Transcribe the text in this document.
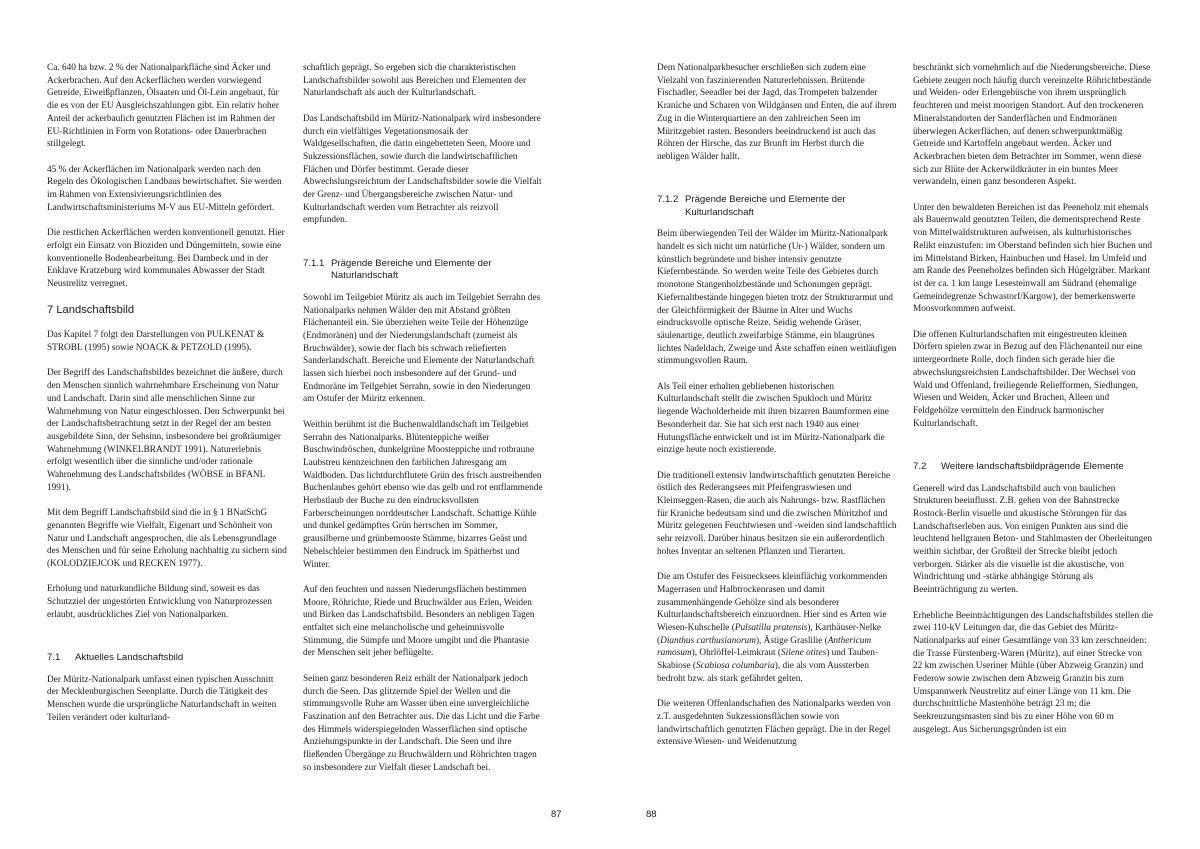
Ca. 640 ha bzw. 2 % der Nationalparkfläche sind Äcker und Ackerbrachen. Auf den Ackerflächen werden vorwiegend Getreide, Eiweißpflanzen, Ölsaaten und Öl-Lein angebaut, für die es von der EU Ausgleichszahlungen gibt. Ein relativ hoher Anteil der ackerbaulich genutzten Flächen ist im Rahmen der EU-Richtlinien in Form von Rotations- oder Dauerbrachen stillgelegt.

45 % der Ackerflächen im Nationalpark werden nach den Regeln des Ökologischen Landbaus bewirtschaftet. Sie werden im Rahmen von Extensivierungsrichtlinien des Landwirtschaftsministeriums M-V aus EU-Mitteln gefördert.

Die restlichen Ackerflächen werden konventionell genutzt. Hier erfolgt ein Einsatz von Bioziden und Düngemitteln, sowie eine konventionelle Bodenbearbeitung. Bei Dambeck und in der Enklave Kratzeburg wird kommunales Abwasser der Stadt Neustrelitz verregnet.

7 Landschaftsbild

Das Kapitel 7 folgt den Darstellungen von PULKENAT & STROBL (1995) sowie NOACK & PETZOLD (1995).

Der Begriff des Landschaftsbildes bezeichnet die äußere, durch den Menschen sinnlich wahrnehmbare Erscheinung von Natur und Landschaft. Darin sind alle menschlichen Sinne zur Wahrnehmung von Natur eingeschlossen. Den Schwerpunkt bei der Landschaftsbetrachtung setzt in der Regel der am besten ausgebildete Sinn, der Sehsinn, insbesondere bei großräumiger Wahrnehmung (WINKELBRANDT 1991). Naturerlebnis erfolgt wesentlich über die sinnliche und/oder rationale Wahrnehmung des Landschaftsbildes (WÖBSE in BFANL 1991).

Mit dem Begriff Landschaftsbild sind die in § 1 BNatSchG genannten Begriffe wie Vielfalt, Eigenart und Schönheit von Natur und Landschaft angesprochen, die als Lebensgrundlage des Menschen und für seine Erholung nachhaltig zu sichern sind (KOLODZIEJCOK und RECKEN 1977).

Erholung und naturkundliche Bildung sind, soweit es das Schutzziel der ungestörten Entwicklung von Naturprozessen erlaubt, ausdrückliches Ziel von Nationalparken.

7.1 Aktuelles Landschaftsbild

Der Müritz-Nationalpark umfasst einen typischen Ausschnitt der Mecklenburgischen Seenplatte. Durch die Tätigkeit des Menschen wurde die ursprüngliche Naturlandschaft in weiten Teilen verändert oder kulturland-

schaftlich geprägt. So ergeben sich die charakteristischen Landschaftsbilder sowohl aus Bereichen und Elementen der Naturlandschaft als auch der Kulturlandschaft.

Das Landschaftsbild im Müritz-Nationalpark wird insbesondere durch ein vielfältiges Vegetationsmosaik der Waldgesellschaften, die darin eingebetteten Seen, Moore und Sukzessionsflächen, sowie durch die landwirtschaftlichen Flächen und Dörfer bestimmt. Gerade dieser Abwechslungsreichtum der Landschaftsbilder sowie die Vielfalt der Grenz- und Übergangsbereiche zwischen Natur- und Kulturlandschaft werden vom Betrachter als reizvoll empfunden.

7.1.1 Prägende Bereiche und Elemente der
Naturlandschaft

Sowohl im Teilgebiet Müritz als auch im Teilgebiet Serrahn des Nationalparks nehmen Wälder den mit Abstand größten Flächenanteil ein. Sie überziehen weite Teile der Höhenzüge (Endmoränen) und der Niederungslandschaft (zumeist als Bruchwälder), sowie der flach bis schwach reliefierten Sanderlandschaft. Bereiche und Elemente der Naturlandschaft lassen sich hierbei noch insbesondere auf der Grund- und Endmoräne im Teilgebiet Serrahn, sowie in den Niederungen am Ostufer der Müritz erkennen.

Weithin berühmt ist die Buchenwaldlandschaft im Teilgebiet Serrahn des Nationalparks. Blütenteppiche weißer Buschwindröschen, dunkelgrüne Moosteppiche und rotbraune Laubstreu kennzeichnen den farblichen Jahresgang am Waldboden. Das lichtdurchflutete Grün des frisch austreibenden Buchenlaubes gehört ebenso wie das gelb und rot entflammende Herbstlaub der Buche zu den eindrucksvollsten Farberscheinungen norddeutscher Landschaft. Schattige Kühle und dunkel gedämpftes Grün herrschen im Sommer, grausilberne und grünbemooste Stämme, bizarres Geäst und Nebelschleier bestimmen den Eindruck im Spätherbst und Winter.

Auf den feuchten und nassen Niederungsflächen bestimmen Moore, Röhrichte, Riede und Bruchwälder aus Erlen, Weiden und Birken das Landschaftsbild. Besonders an nebligen Tagen entfaltet sich eine melancholische und geheimnisvolle Stimmung, die Sümpfe und Moore umgibt und die Phantasie der Menschen seit jeher beflügelte.

Seinen ganz besonderen Reiz erhält der Nationalpark jedoch durch die Seen. Das glitzernde Spiel der Wellen und die stimmungsvolle Ruhe am Wasser üben eine unvergleichliche Faszination auf den Betrachter aus. Die das Licht und die Farbe des Himmels widerspiegelnden Wasserflächen sind optische Anziehungspunkte in der Landschaft. Die Seen und ihre fließenden Übergänge zu Bruchwäldern und Röhrichten tragen so insbesondere zur Vielfalt dieser Landschaft bei.

87

Dem Nationalparkbesucher erschließen sich zudem eine Vielzahl von faszinierenden Naturerlebnissen. Brütende Fischadler, Seeadler bei der Jagd, das Trompeten balzender Kraniche und Scharen von Wildgänsen und Enten, die auf ihrem Zug in die Winterquartiere an den zahlreichen Seen im Müritzgebiet rasten. Besonders beeindruckend ist auch das Röhren der Hirsche, das zur Brunft im Herbst durch die nebligen Wälder hallt.

7.1.2 Prägende Bereiche und Elemente der
Kulturlandschaft

Beim überwiegenden Teil der Wälder im Müritz-Nationalpark handelt es sich nicht um natürliche (Ur-) Wälder, sondern um künstlich begründete und bisher intensiv genutzte Kiefernbestände. So werden weite Teile des Gebietes durch monotone Stangenholzbestände und Schonungen geprägt. Kiefernaltbestände hingegen bieten trotz der Strukturarmut und der Gleichförmigkeit der Bäume in Alter und Wuchs eindrucksvolle optische Reize. Seidig wehende Gräser, säulenartige, deutlich zweifarbige Stämme, ein blaugrünes lichtes Nadeldach, Zweige und Äste schaffen einen weitläufigen stimmungsvollen Raum.

Als Teil einer erhalten gebliebenen historischen Kulturlandschaft stellt die zwischen Spukloch und Müritz liegende Wacholderheide mit ihren bizarren Baumformen eine Besonderheit dar. Sie hat sich erst nach 1940 aus einer Hutungsfläche entwickelt und ist im Müritz-Nationalpark die einzige heute noch existierende.

Die traditionell extensiv landwirtschaftlich genutzten Bereiche östlich des Rederangsees mit Pfeifengraswiesen und Kleinseggen-Rasen, die auch als Nahrungs- bzw. Rastflächen für Kraniche bedeutsam sind und die zwischen Müritzhof und Müritz gelegenen Feuchtwiesen und -weiden sind landschaftlich sehr reizvoll. Darüber hinaus besitzen sie ein außerordentlich hohes Inventar an seltenen Pflanzen und Tierarten.

Die am Ostufer des Feisnecksees kleinflächig vorkommenden Magerrasen und Halbtrockenrasen und damit zusammenhängende Gehölze sind als besonderer Kulturlandschaftsbereich einzuordnen. Hier sind es Arten wie Wiesen-Kuhschelle (Pulsatilla pratensis), Karthäuser-Nelke (Dianthus carthusianorum), Ästige Graslilie (Anthericum ramosum), Ohrlöffel-Leimkraut (Silene otites) und Tauben-Skabiose (Scabiosa columbaria), die als vom Aussterben bedroht bzw. als stark gefährdet gelten.

Die weiteren Offenlandschaften des Nationalparks werden von z.T. ausgedehnten Sukzessionsflächen sowie von landwirtschaftlich genutzten Flächen geprägt. Die in der Regel extensive Wiesen- und Weidenutzung

beschränkt sich vornehmlich auf die Niederungsbereiche. Diese Gebiete zeugen noch häufig durch vereinzelte Röhrichtbestände und Weiden- oder Erlengebüsche von ihrem ursprünglich feuchteren und meist moorigen Standort. Auf den trockeneren Mineralstandorten der Sanderflächen und Endmoränen überwiegen Ackerflächen, auf denen schwerpunktmäßig Getreide und Kartoffeln angebaut werden. Äcker und Ackerbrachen bieten dem Betrachter im Sommer, wenn diese sich zur Blüte der Ackerwildkräuter in ein buntes Meer verwandeln, einen ganz besonderen Aspekt.

Unter den bewaldeten Bereichen ist das Peeneholz mit ehemals als Bauernwald genutzten Teilen, die dementsprechend Reste von Mittelwaldstrukturen aufweisen, als kulturhistorisches Relikt einzustufen: im Oberstand befinden sich hier Buchen und im Mittelstand Birken, Hainbuchen und Hasel. Im Umfeld und am Rande des Peeneholzes befinden sich Hügelgräber. Markant ist der ca. 1 km lange Lesesteinwall am Südrand (ehemalige Gemeindegrenze Schwastorf/Kargow), der bemerkenswerte Moosvorkommen aufweist.

Die offenen Kulturlandschaften mit eingestreuten kleinen Dörfern spielen zwar in Bezug auf den Flächenanteil nur eine untergeordnete Rolle, doch finden sich gerade hier die abwechslungsreichsten Landschaftsbilder. Der Wechsel von Wald und Offenland, freiliegende Reliefformen, Siedlungen, Wiesen und Weiden, Äcker und Brachen, Alleen und Feldgehölze vermitteln den Eindruck harmonischer Kulturlandschaft.

7.2 Weitere landschaftsbildprägende Elemente

Generell wird das Landschaftsbild auch von baulichen Strukturen beeinflusst. Z.B. gehen von der Bahnstrecke Rostock-Berlin visuelle und akustische Störungen für das Landschaftserleben aus. Von einigen Punkten aus sind die leuchtend hellgrauen Beton- und Stahlmasten der Oberleitungen weithin sichtbar, der Großteil der Strecke bleibt jedoch verborgen. Stärker als die visuelle ist die akustische, von Windrichtung und -stärke abhängige Störung als Beeinträchtigung zu werten.

Erhebliche Beeinträchtigungen des Landschaftsbildes stellen die zwei 110-kV Leitungen dar, die das Gebiet des Müritz-Nationalparks auf einer Gesamtlänge von 33 km zerschneiden: die Trasse Fürstenberg-Waren (Müritz), auf einer Strecke von 22 km zwischen Useriner Mühle (über Abzweig Granzin) und Federow sowie zwischen dem Abzweig Granzin bis zum Umspannwerk Neustrelitz auf einer Länge von 11 km. Die durchschnittliche Mastenhöhe beträgt 23 m; die Seekreuzungsmasten sind bis zu einer Höhe von 60 m ausgelegt. Aus Sicherungsgründen ist ein

88
